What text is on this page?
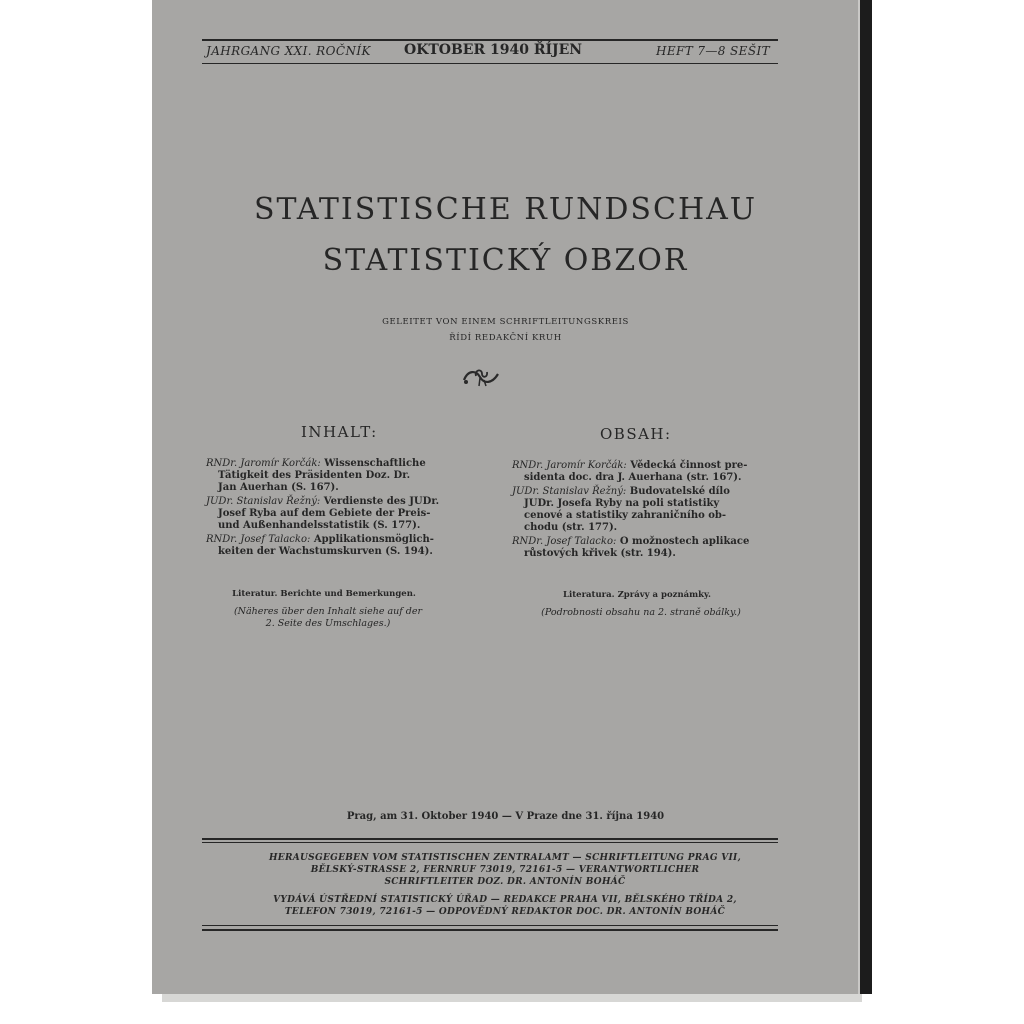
JAHRGANG XXI. ROČNÍK OKTOBER 1940 ŘÍJEN	HEFT 7—8 SEŠIT
STATISTISCHE RUNDSCHAU
STATISTICKÝ OBZOR
GELEITET VON EINEM SCHRIFTLEITUNGSKREIS
ŘÍDÍ REDAKČNÍ KRUH
INHALT:
RNDr. Jaromír Korčák: Wissenschaftliche
Tätigkeit des Präsidenten Doz. Dr.
Jan Auerhan (S. 167).
JUDr. Stanislav Řežný: Verdienste des JUDr.
Josef Ryba auf dem Gebiete der Preis-
und Außenhandelsstatistik (S. 177).
RNDr. Josef Talacko: Applikationsmöglich-
keiten der Wachstumskurven (S. 194).
Literatur. Berichte und Bemerkungen.
(Näheres über den Inhalt siehe auf der
2. Seite des Umschlages.)
OBSAH:
RNDr. Jaromír Korčák: Vědecká činnost pre-
sidenta doc. dra J. Auerhana (str. 167).
JUDr. Stanislav Řežný: Budovatelské dílo
JUDr. Josefa Ryby na poli statistiky
cenové a statistiky zahraničního ob-
chodu (str. 177).
RNDr. Josef Talacko: O možnostech aplikace
růstových křivek (str. 194).
Literatura. Zprávy a poznámky.
(Podrobnosti obsahu na 2. straně obálky.)
Prag, am 31. Oktober 1940 — V Praze dne 31. října 1940
HERAUSGEGEBEN VOM STATISTISCHEN ZENTRALAMT — SCHRIFTLEITUNG PRAG VII,
BĚLSKÝ-STRASSE 2, FERNRUF 73019, 72161-5 — VERANTWORTLICHER
SCHRIFTLEITER DOZ. DR. ANTONÍN BOHÁČ
VYDÁVÁ ÚSTŘEDNÍ STATISTICKÝ ÚŘAD — REDAKCE PRAHA VII, BĚLSKÉHO TŘÍDA 2,
TELEFON 73019, 72161-5 — ODPOVĚDNÝ REDAKTOR DOC. DR. ANTONÍN BOHÁČ
